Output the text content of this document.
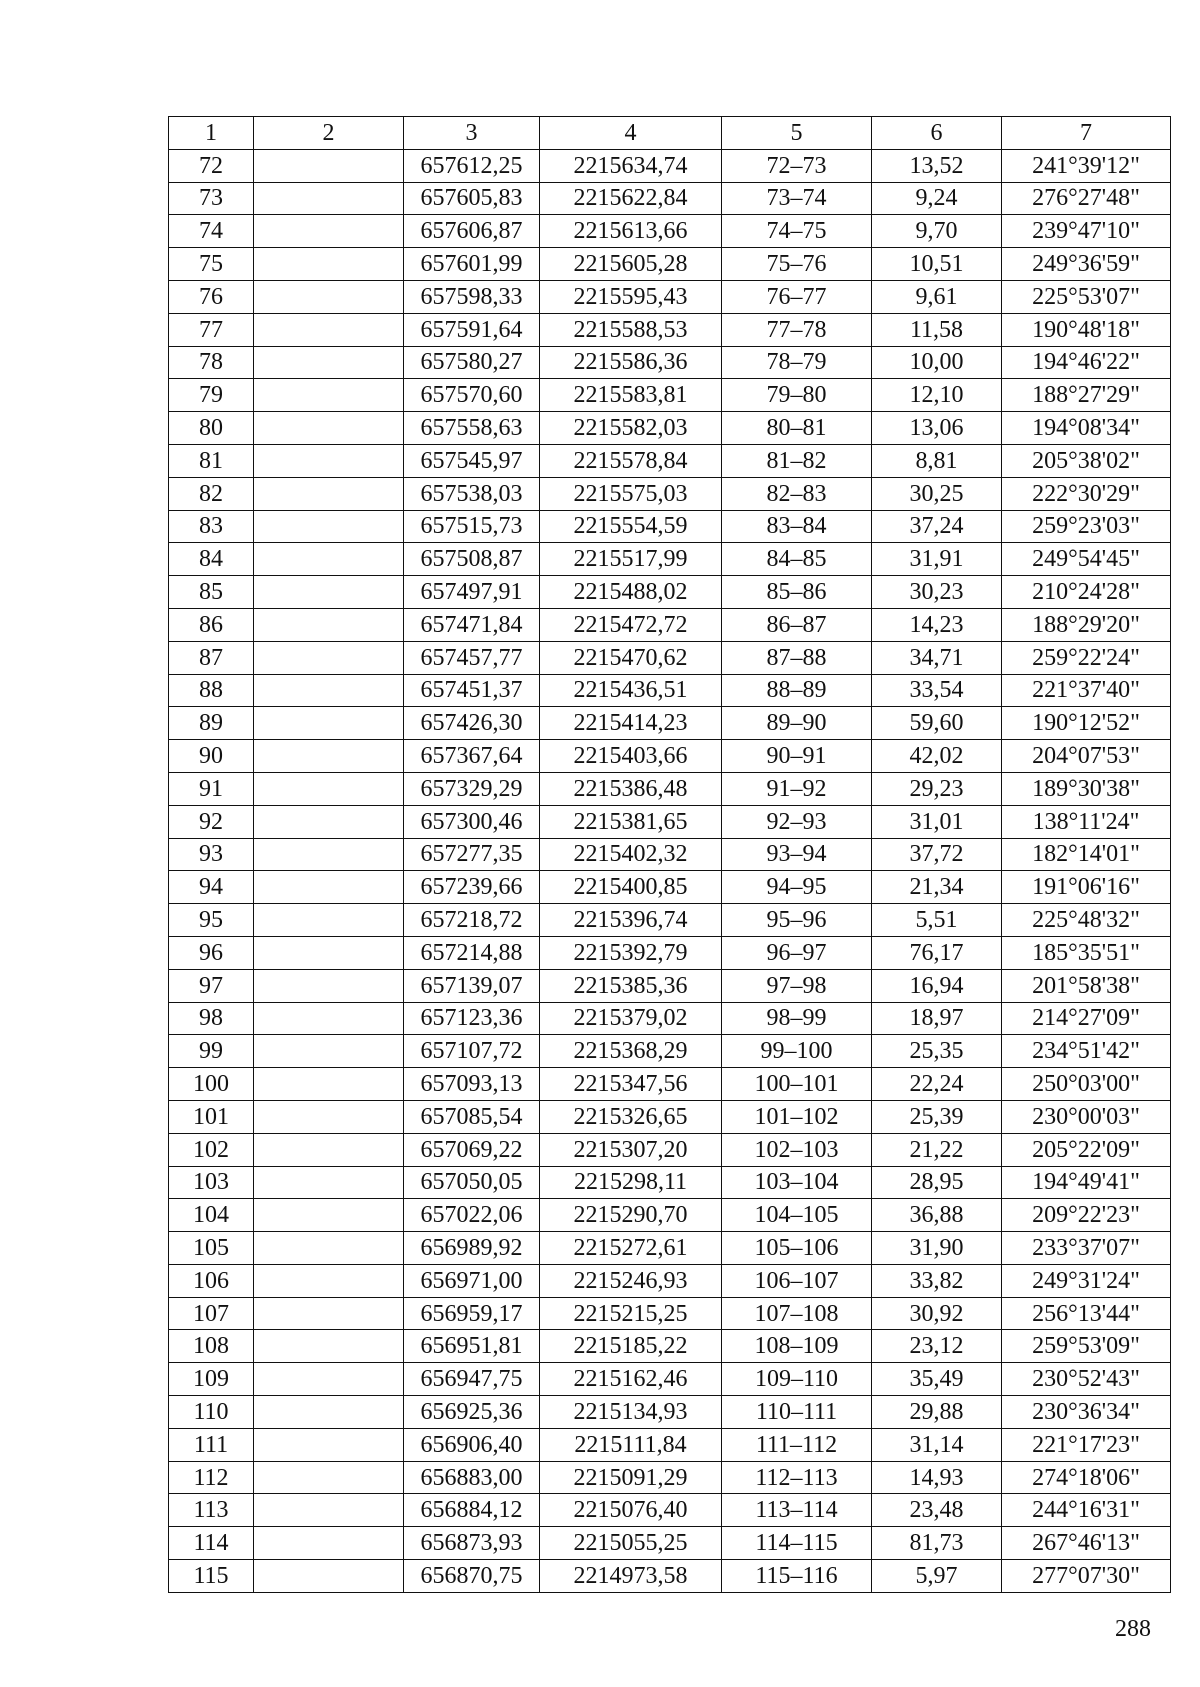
1	2	3	4	5	6	7
72		657612,25	2215634,74	72–73	13,52	241°39'12"
73		657605,83	2215622,84	73–74	9,24	276°27'48"
74		657606,87	2215613,66	74–75	9,70	239°47'10"
75		657601,99	2215605,28	75–76	10,51	249°36'59"
76		657598,33	2215595,43	76–77	9,61	225°53'07"
77		657591,64	2215588,53	77–78	11,58	190°48'18"
78		657580,27	2215586,36	78–79	10,00	194°46'22"
79		657570,60	2215583,81	79–80	12,10	188°27'29"
80		657558,63	2215582,03	80–81	13,06	194°08'34"
81		657545,97	2215578,84	81–82	8,81	205°38'02"
82		657538,03	2215575,03	82–83	30,25	222°30'29"
83		657515,73	2215554,59	83–84	37,24	259°23'03"
84		657508,87	2215517,99	84–85	31,91	249°54'45"
85		657497,91	2215488,02	85–86	30,23	210°24'28"
86		657471,84	2215472,72	86–87	14,23	188°29'20"
87		657457,77	2215470,62	87–88	34,71	259°22'24"
88		657451,37	2215436,51	88–89	33,54	221°37'40"
89		657426,30	2215414,23	89–90	59,60	190°12'52"
90		657367,64	2215403,66	90–91	42,02	204°07'53"
91		657329,29	2215386,48	91–92	29,23	189°30'38"
92		657300,46	2215381,65	92–93	31,01	138°11'24"
93		657277,35	2215402,32	93–94	37,72	182°14'01"
94		657239,66	2215400,85	94–95	21,34	191°06'16"
95		657218,72	2215396,74	95–96	5,51	225°48'32"
96		657214,88	2215392,79	96–97	76,17	185°35'51"
97		657139,07	2215385,36	97–98	16,94	201°58'38"
98		657123,36	2215379,02	98–99	18,97	214°27'09"
99		657107,72	2215368,29	99–100	25,35	234°51'42"
100		657093,13	2215347,56	100–101	22,24	250°03'00"
101		657085,54	2215326,65	101–102	25,39	230°00'03"
102		657069,22	2215307,20	102–103	21,22	205°22'09"
103		657050,05	2215298,11	103–104	28,95	194°49'41"
104		657022,06	2215290,70	104–105	36,88	209°22'23"
105		656989,92	2215272,61	105–106	31,90	233°37'07"
106		656971,00	2215246,93	106–107	33,82	249°31'24"
107		656959,17	2215215,25	107–108	30,92	256°13'44"
108		656951,81	2215185,22	108–109	23,12	259°53'09"
109		656947,75	2215162,46	109–110	35,49	230°52'43"
110		656925,36	2215134,93	110–111	29,88	230°36'34"
111		656906,40	2215111,84	111–112	31,14	221°17'23"
112		656883,00	2215091,29	112–113	14,93	274°18'06"
113		656884,12	2215076,40	113–114	23,48	244°16'31"
114		656873,93	2215055,25	114–115	81,73	267°46'13"
115		656870,75	2214973,58	115–116	5,97	277°07'30"
288
